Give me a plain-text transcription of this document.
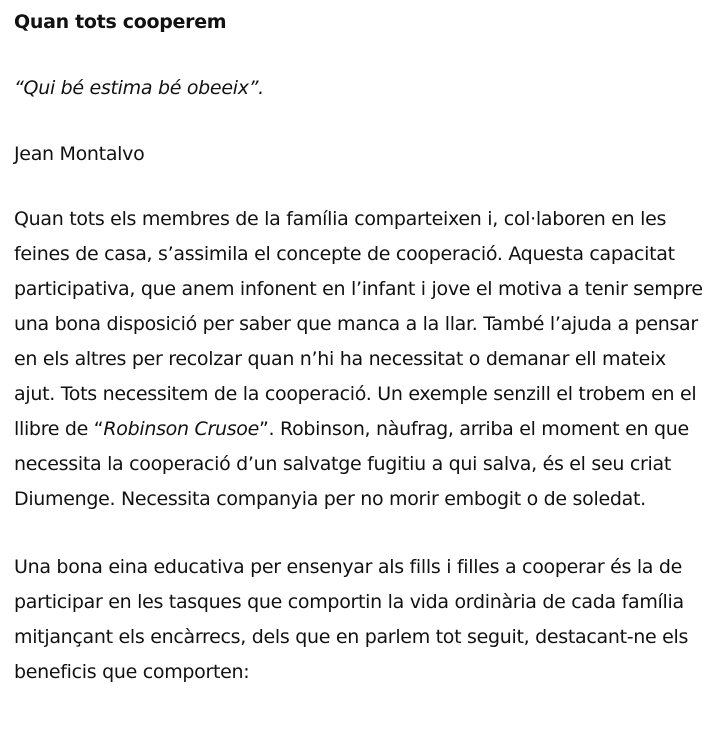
Quan tots cooperem

“Qui bé estima bé obeeix”.

Jean Montalvo

Quan tots els membres de la família comparteixen i, col·laboren en les
feines de casa, s’assimila el concepte de cooperació. Aquesta capacitat
participativa, que anem infonent en l’infant i jove el motiva a tenir sempre
una bona disposició per saber que manca a la llar. També l’ajuda a pensar
en els altres per recolzar quan n’hi ha necessitat o demanar ell mateix
ajut. Tots necessitem de la cooperació. Un exemple senzill el trobem en el
llibre de “Robinson Crusoe”. Robinson, nàufrag, arriba el moment en que
necessita la cooperació d’un salvatge fugitiu a qui salva, és el seu criat
Diumenge. Necessita companyia per no morir embogit o de soledat.

Una bona eina educativa per ensenyar als fills i filles a cooperar és la de
participar en les tasques que comportin la vida ordinària de cada família
mitjançant els encàrrecs, dels que en parlem tot seguit, destacant-ne els
beneficis que comporten:
